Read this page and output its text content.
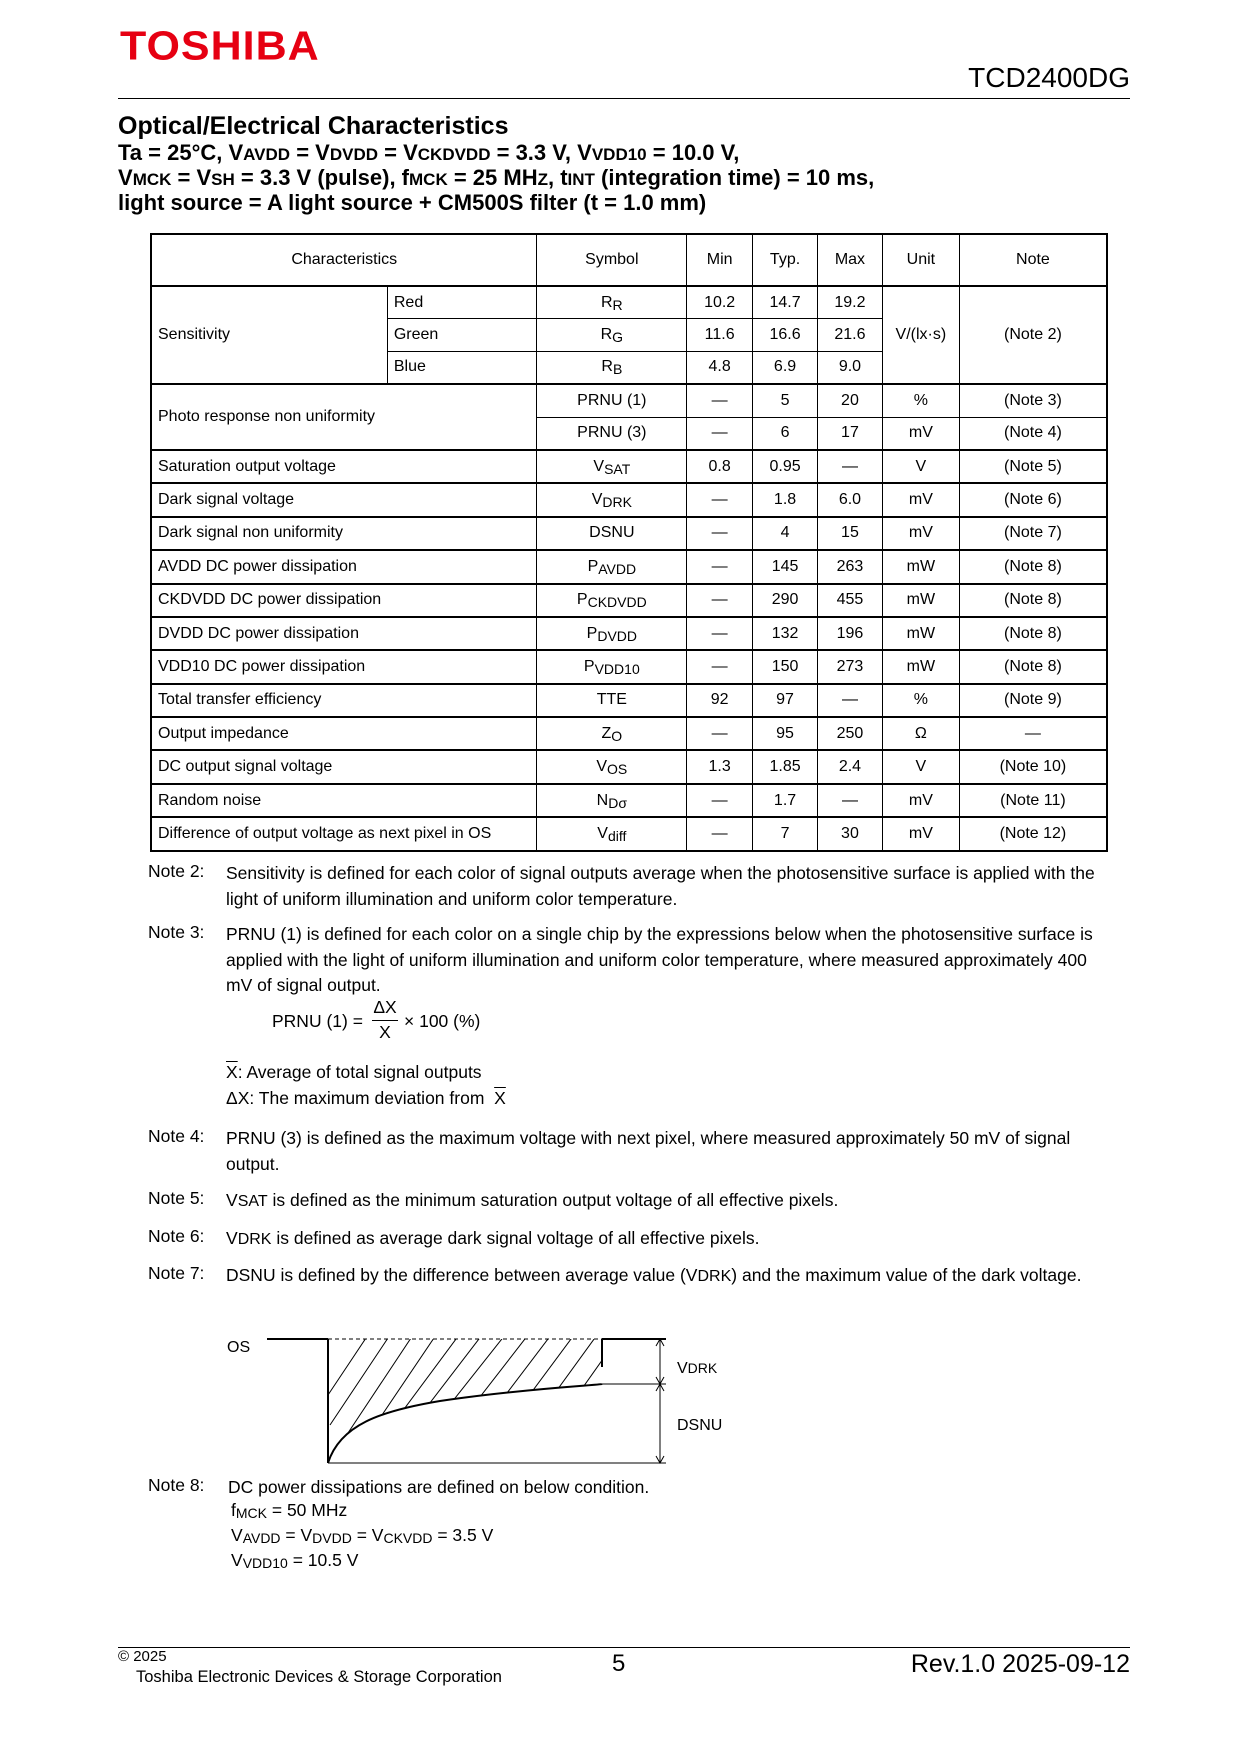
TOSHIBA
TCD2400DG
Optical/Electrical Characteristics
Ta = 25°C, VAVDD = VDVDD = VCKDVDD = 3.3 V, VVDD10 = 10.0 V,
VMCK = VSH = 3.3 V (pulse), fMCK = 25 MHZ, tINT (integration time) = 10 ms,
light source = A light source + CM500S filter (t = 1.0 mm)
Characteristics		Symbol	Min	Typ.	Max	Unit	Note
Sensitivity	Red	RR	10.2	14.7	19.2	V/(lx·s)	(Note 2)
	Green	RG	11.6	16.6	21.6		
	Blue	RB	4.8	6.9	9.0		
Photo response non uniformity		PRNU (1)	—	5	20	%	(Note 3)
		PRNU (3)	—	6	17	mV	(Note 4)
Saturation output voltage		VSAT	0.8	0.95	—	V	(Note 5)
Dark signal voltage		VDRK	—	1.8	6.0	mV	(Note 6)
Dark signal non uniformity		DSNU	—	4	15	mV	(Note 7)
AVDD DC power dissipation		PAVDD	—	145	263	mW	(Note 8)
CKDVDD DC power dissipation		PCKDVDD	—	290	455	mW	(Note 8)
DVDD DC power dissipation		PDVDD	—	132	196	mW	(Note 8)
VDD10 DC power dissipation		PVDD10	—	150	273	mW	(Note 8)
Total transfer efficiency		TTE	92	97	—	%	(Note 9)
Output impedance		ZO	—	95	250	Ω	—
DC output signal voltage		VOS	1.3	1.85	2.4	V	(Note 10)
Random noise		NDσ	—	1.7	—	mV	(Note 11)
Difference of output voltage as next pixel in OS		Vdiff	—	7	30	mV	(Note 12)
Note 2: Sensitivity is defined for each color of signal outputs average when the photosensitive surface is applied with the light of uniform illumination and uniform color temperature.
Note 3: PRNU (1) is defined for each color on a single chip by the expressions below when the photosensitive surface is applied with the light of uniform illumination and uniform color temperature, where measured approximately 400 mV of signal output.
PRNU (1) =
ΔX
X
× 100 (%)
$\overline{X}$: Average of total signal outputs
ΔX: The maximum deviation from $\overline{X}$
Note 4: PRNU (3) is defined as the maximum voltage with next pixel, where measured approximately 50 mV of signal output.
Note 5: VSAT is defined as the minimum saturation output voltage of all effective pixels.
Note 6: VDRK is defined as average dark signal voltage of all effective pixels.
Note 7: DSNU is defined by the difference between average value (VDRK) and the maximum value of the dark voltage.
OS
VDRK
DSNU
Note 8: DC power dissipations are defined on below condition.
fMCK = 50 MHz
VAVDD = VDVDD = VCKVDD = 3.5 V
VVDD10 = 10.5 V
© 2025
Toshiba Electronic Devices & Storage Corporation	5	Rev.1.0 2025-09-12
